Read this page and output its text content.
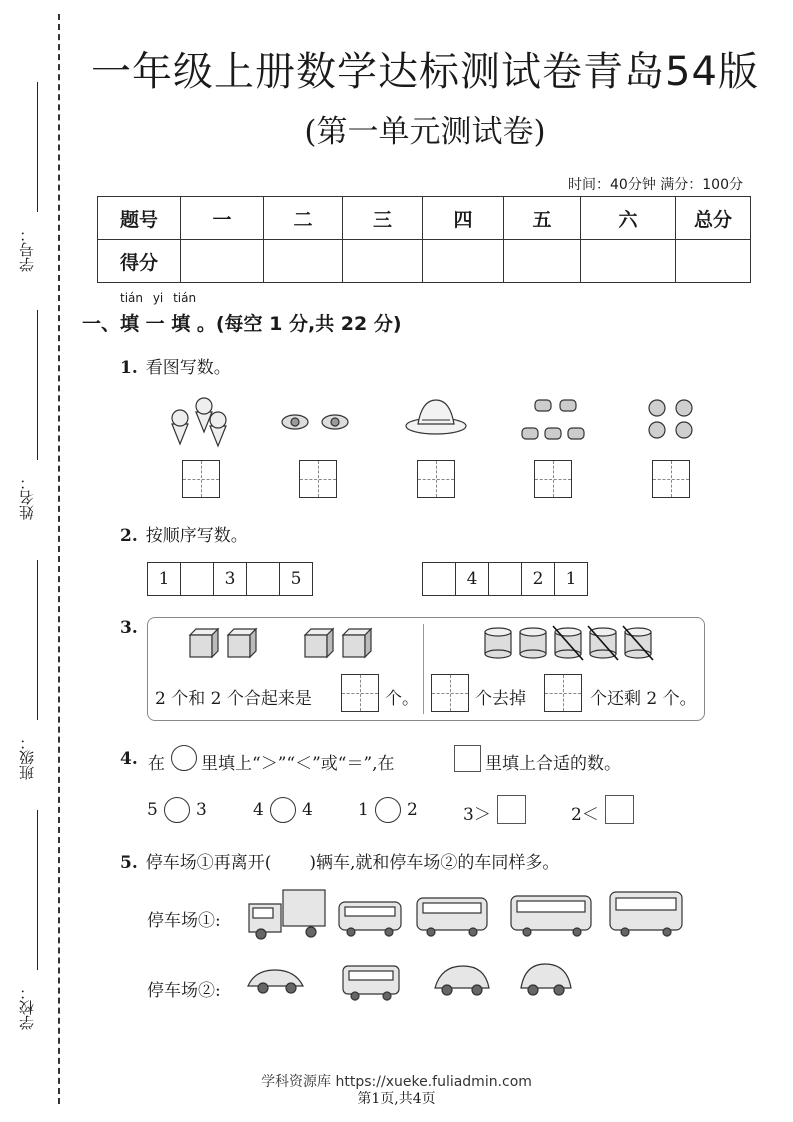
学号：
姓名：
班级：
学校：
一年级上册数学达标测试卷青岛54版
(第一单元测试卷)
时间：40分钟 满分：100分
题号	一	二	三	四	五	六	总分
得分							
tián yi tián
一、填 一 填 。(每空 1 分,共 22 分)
1. 看图写数。
2. 按顺序写数。
1	3	5	4	2	1
3.
2 个和 2 个合起来是	个。	个去掉	个还剩 2 个。
4. 在 里填上“＞”“＜”或“＝”,在	里填上合适的数。
5 3	4 4	1 2	3＞	2＜
5. 停车场①再离开( )辆车,就和停车场②的车同样多。
停车场①:
停车场②:
学科资源库 https://xueke.fuliadmin.com
第1页,共4页
